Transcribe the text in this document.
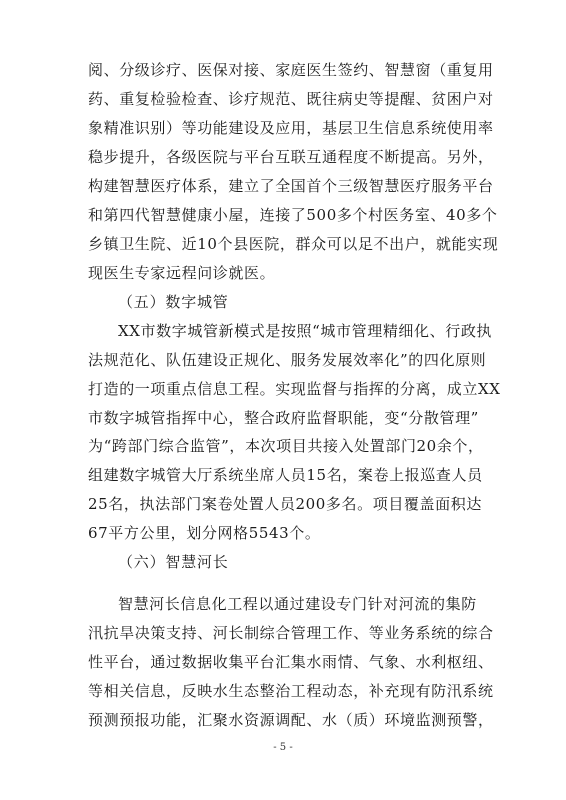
阅、分级诊疗、医保对接、家庭医生签约、智慧窗（重复用
药、重复检验检查、诊疗规范、既往病史等提醒、贫困户对
象精准识别）等功能建设及应用，基层卫生信息系统使用率
稳步提升，各级医院与平台互联互通程度不断提高。另外，
构建智慧医疗体系，建立了全国首个三级智慧医疗服务平台
和第四代智慧健康小屋，连接了500多个村医务室、40多个
乡镇卫生院、近10个县医院，群众可以足不出户，就能实现
现医生专家远程问诊就医。
（五）数字城管
XX市数字城管新模式是按照“城市管理精细化、行政执
法规范化、队伍建设正规化、服务发展效率化”的四化原则
打造的一项重点信息工程。实现监督与指挥的分离，成立XX
市数字城管指挥中心，整合政府监督职能，变“分散管理”
为“跨部门综合监管”，本次项目共接入处置部门20余个，
组建数字城管大厅系统坐席人员15名，案卷上报巡查人员
25名，执法部门案卷处置人员200多名。项目覆盖面积达
67平方公里，划分网格5543个。
（六）智慧河长
智慧河长信息化工程以通过建设专门针对河流的集防
汛抗旱决策支持、河长制综合管理工作、等业务系统的综合
性平台，通过数据收集平台汇集水雨情、气象、水利枢纽、
等相关信息，反映水生态整治工程动态，补充现有防汛系统
预测预报功能，汇聚水资源调配、水（质）环境监测预警，
- 5 -
